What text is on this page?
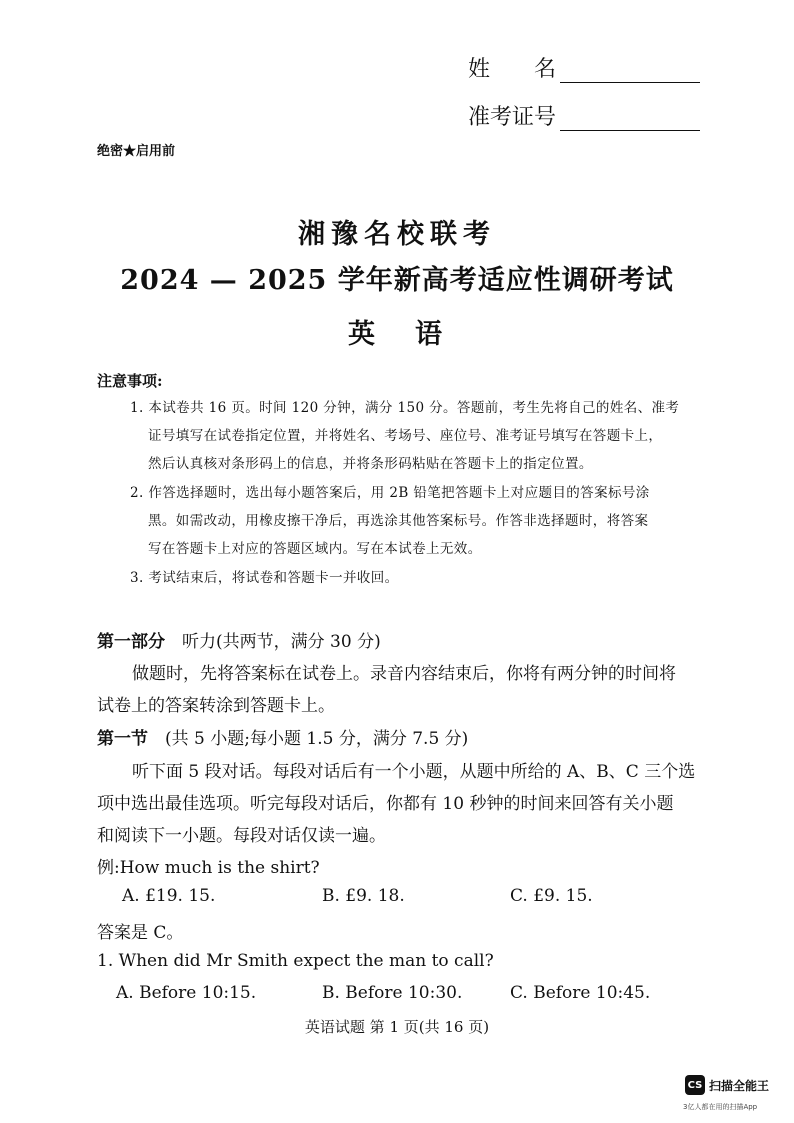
姓　　名
准考证号
绝密★启用前
湘豫名校联考
2024 — 2025 学年新高考适应性调研考试
英语
注意事项:
1. 本试卷共 16 页。时间 120 分钟，满分 150 分。答题前，考生先将自己的姓名、准考
证号填写在试卷指定位置，并将姓名、考场号、座位号、准考证号填写在答题卡上，
然后认真核对条形码上的信息，并将条形码粘贴在答题卡上的指定位置。
2. 作答选择题时，选出每小题答案后，用 2B 铅笔把答题卡上对应题目的答案标号涂
黑。如需改动，用橡皮擦干净后，再选涂其他答案标号。作答非选择题时，将答案
写在答题卡上对应的答题区域内。写在本试卷上无效。
3. 考试结束后，将试卷和答题卡一并收回。
第一部分　听力(共两节，满分 30 分)
做题时，先将答案标在试卷上。录音内容结束后，你将有两分钟的时间将
试卷上的答案转涂到答题卡上。
第一节　(共 5 小题;每小题 1.5 分，满分 7.5 分)
听下面 5 段对话。每段对话后有一个小题，从题中所给的 A、B、C 三个选
项中选出最佳选项。听完每段对话后，你都有 10 秒钟的时间来回答有关小题
和阅读下一小题。每段对话仅读一遍。
例:How much is the shirt?
A. £19. 15.	B. £9. 18.	C. £9. 15.
答案是 C。
1. When did Mr Smith expect the man to call?
A. Before 10:15.	B. Before 10:30.	C. Before 10:45.
英语试题 第 1 页(共 16 页)
CS 扫描全能王
3亿人都在用的扫描App
